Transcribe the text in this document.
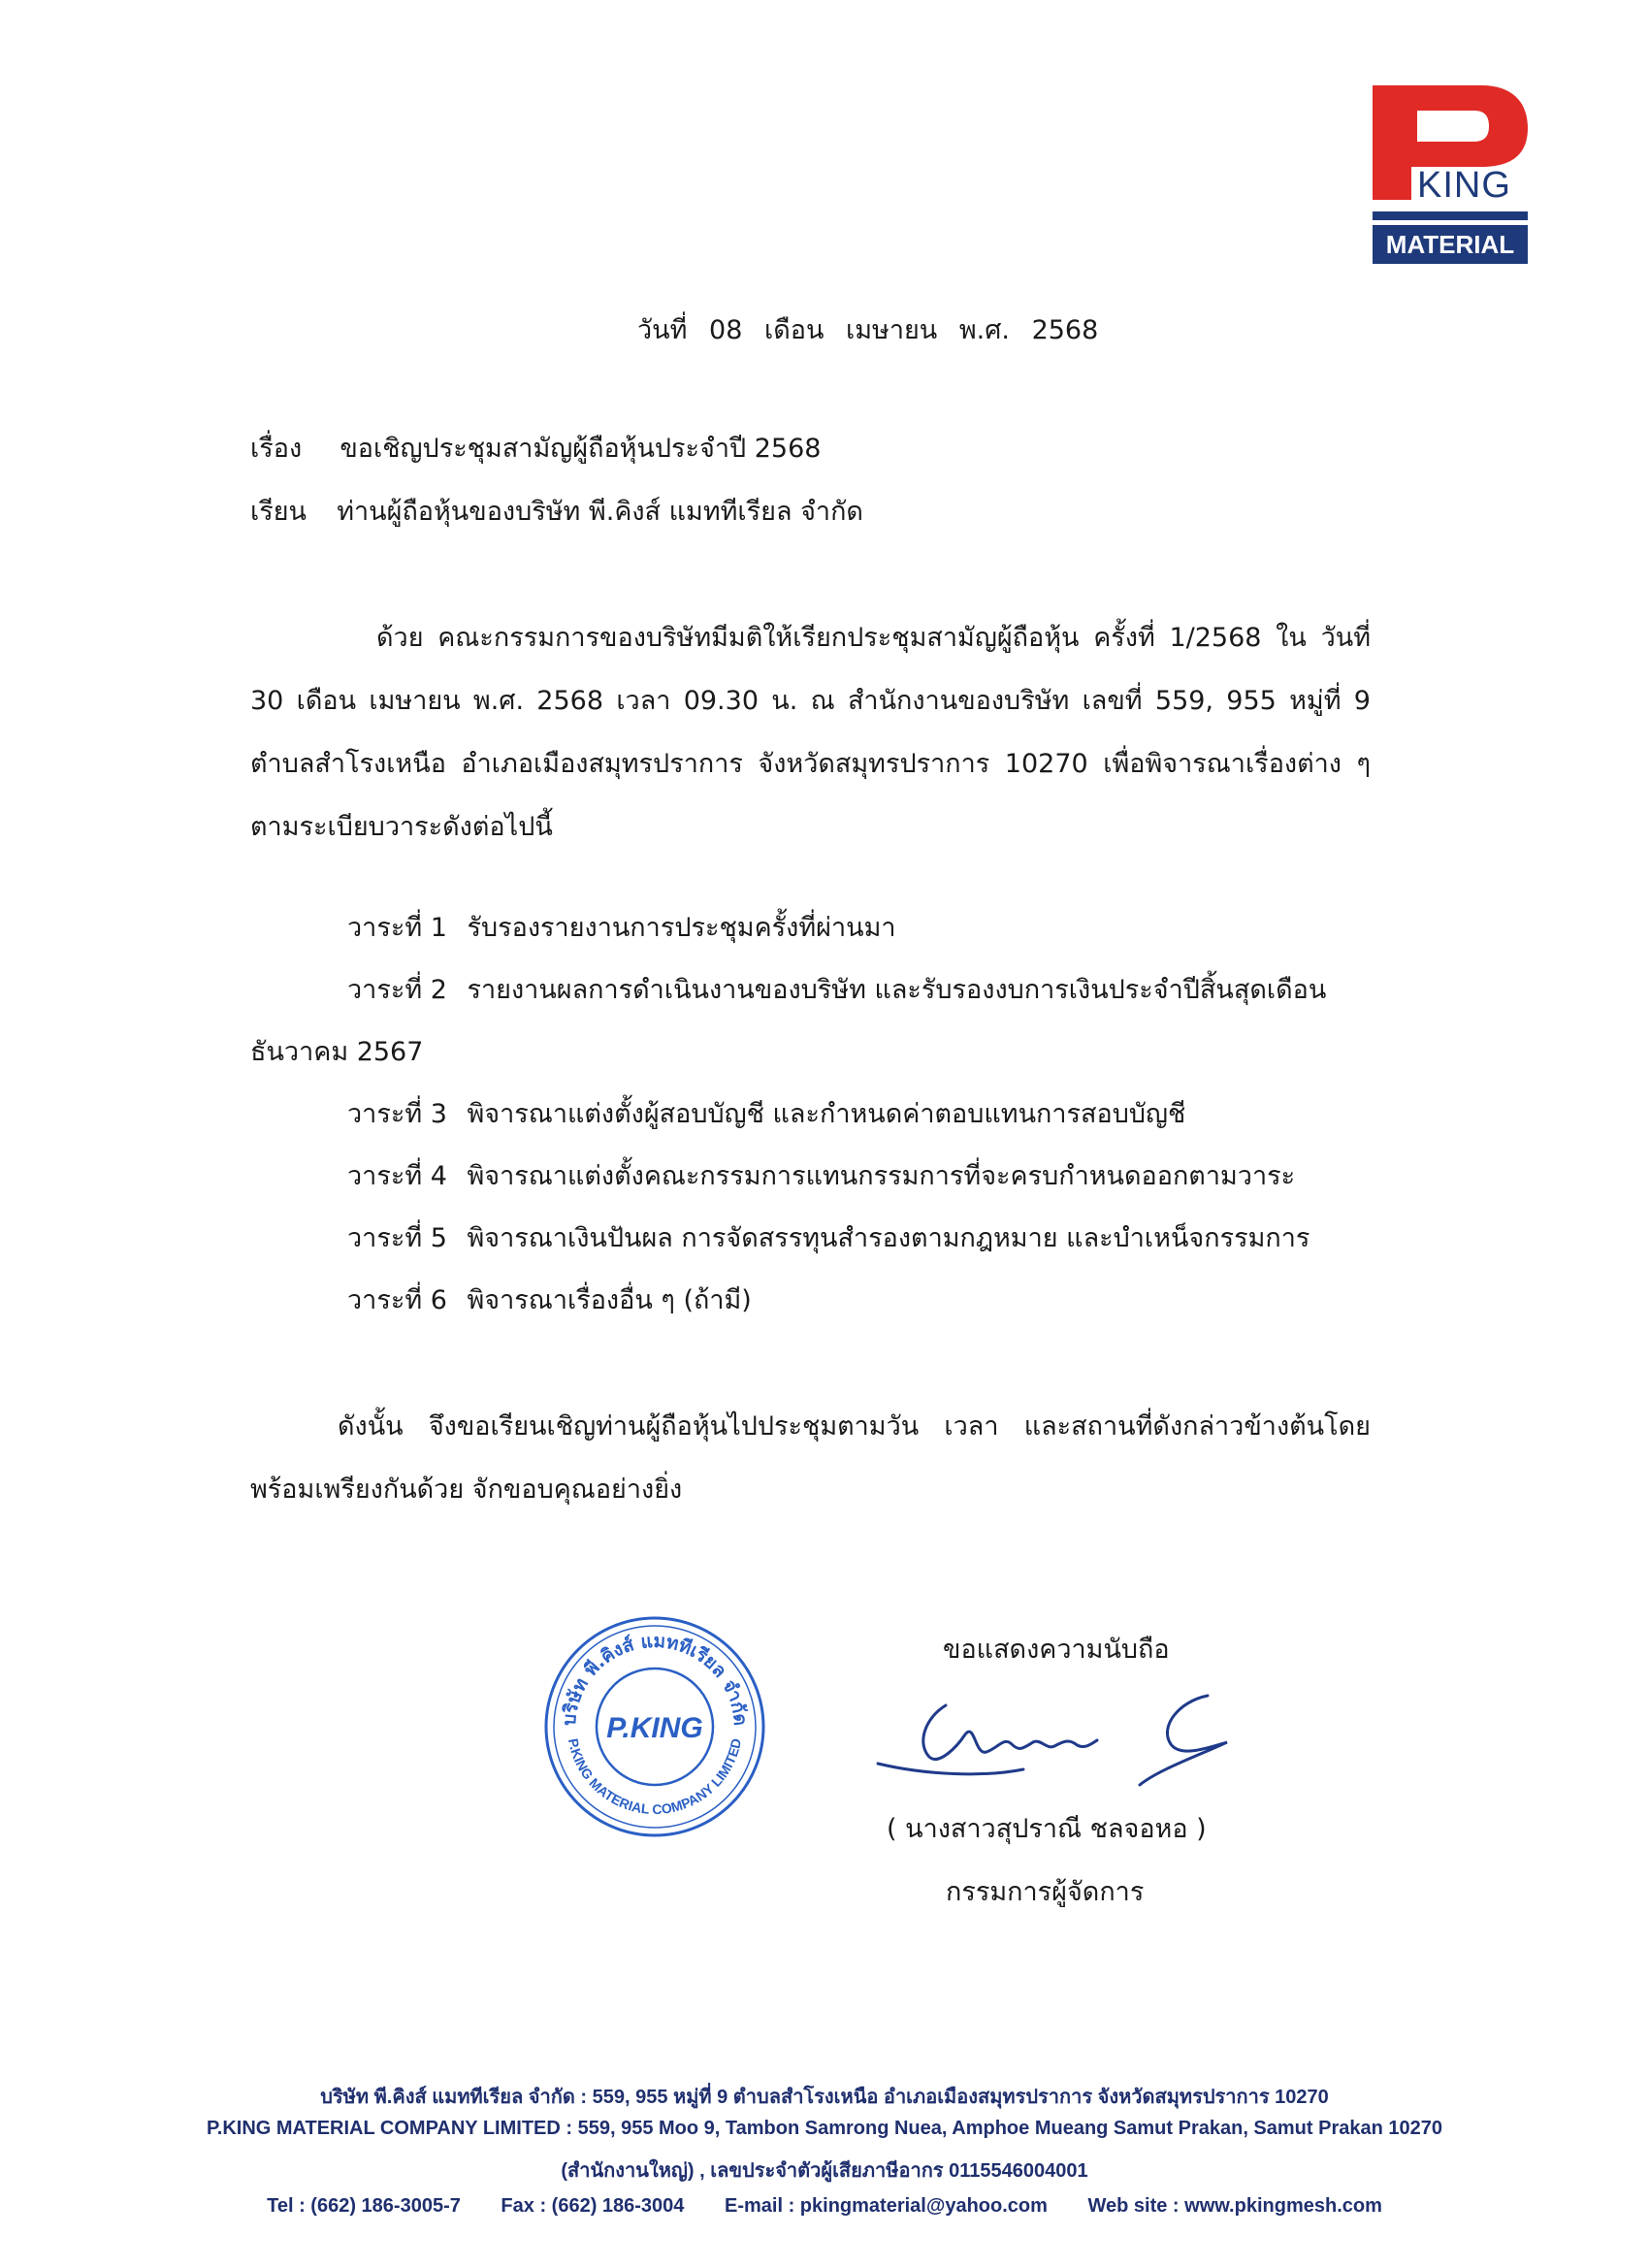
KING
MATERIAL
วันที่ 08 เดือน เมษายน พ.ศ. 2568
เรื่อง ขอเชิญประชุมสามัญผู้ถือหุ้นประจำปี 2568
เรียน ท่านผู้ถือหุ้นของบริษัท พี.คิงส์ แมททีเรียล จำกัด
ด้วย คณะกรรมการของบริษัทมีมติให้เรียกประชุมสามัญผู้ถือหุ้น ครั้งที่ 1/2568 ใน วันที่ 30 เดือน เมษายน พ.ศ. 2568 เวลา 09.30 น. ณ สำนักงานของบริษัท เลขที่ 559, 955 หมู่ที่ 9 ตำบลสำโรงเหนือ อำเภอเมืองสมุทรปราการ จังหวัดสมุทรปราการ 10270 เพื่อพิจารณาเรื่องต่าง ๆ ตามระเบียบวาระดังต่อไปนี้
วาระที่ 1 รับรองรายงานการประชุมครั้งที่ผ่านมา
วาระที่ 2 รายงานผลการดำเนินงานของบริษัท และรับรองงบการเงินประจำปีสิ้นสุดเดือน
ธันวาคม 2567
วาระที่ 3 พิจารณาแต่งตั้งผู้สอบบัญชี และกำหนดค่าตอบแทนการสอบบัญชี
วาระที่ 4 พิจารณาแต่งตั้งคณะกรรมการแทนกรรมการที่จะครบกำหนดออกตามวาระ
วาระที่ 5 พิจารณาเงินปันผล การจัดสรรทุนสำรองตามกฎหมาย และบำเหน็จกรรมการ
วาระที่ 6 พิจารณาเรื่องอื่น ๆ (ถ้ามี)
ดังนั้น จึงขอเรียนเชิญท่านผู้ถือหุ้นไปประชุมตามวัน เวลา และสถานที่ดังกล่าวข้างต้นโดยพร้อมเพรียงกันด้วย จักขอบคุณอย่างยิ่ง
บริษัท พี.คิงส์ แมททีเรียล จำกัด
P.KING MATERIAL COMPANY LIMITED
P.KING
ขอแสดงความนับถือ
( นางสาวสุปราณี ชลจอหอ )
กรรมการผู้จัดการ
บริษัท พี.คิงส์ แมททีเรียล จำกัด : 559, 955 หมู่ที่ 9 ตำบลสำโรงเหนือ อำเภอเมืองสมุทรปราการ จังหวัดสมุทรปราการ 10270
P.KING MATERIAL COMPANY LIMITED : 559, 955 Moo 9, Tambon Samrong Nuea, Amphoe Mueang Samut Prakan, Samut Prakan 10270
(สำนักงานใหญ่) , เลขประจำตัวผู้เสียภาษีอากร 0115546004001
Tel : (662) 186-3005-7 Fax : (662) 186-3004 E-mail : pkingmaterial@yahoo.com Web site : www.pkingmesh.com
